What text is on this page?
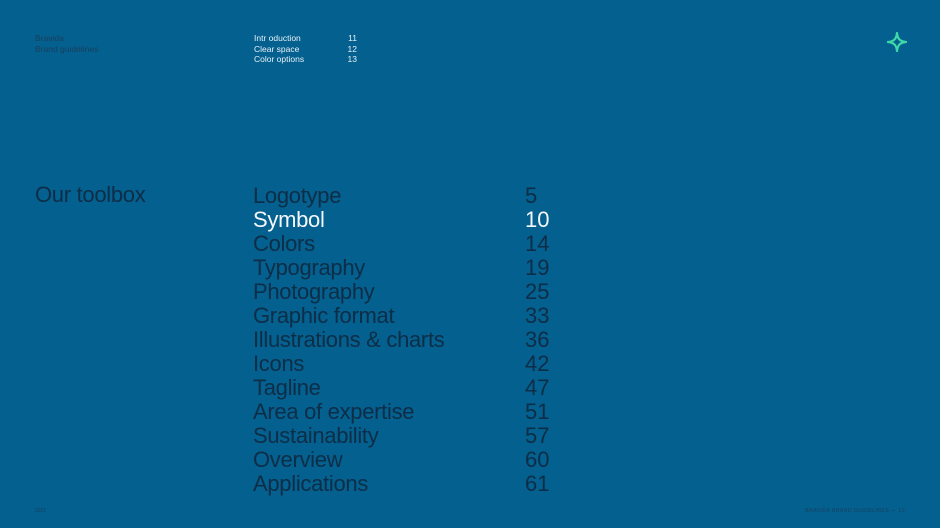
Bravida
Brand guidelines
Intr oduction	11
Clear space	12
Color options	13
Our toolbox	Logotype	5
Symbol	10
Colors	14
Typography	19
Photography	25
Graphic format	33
Illustrations & charts	36
Icons	42
Tagline	47
Area of expertise	51
Sustainability	57
Overview	60
Applications	61
2021	BRAVIDA BRAND GUIDELINES — 10
